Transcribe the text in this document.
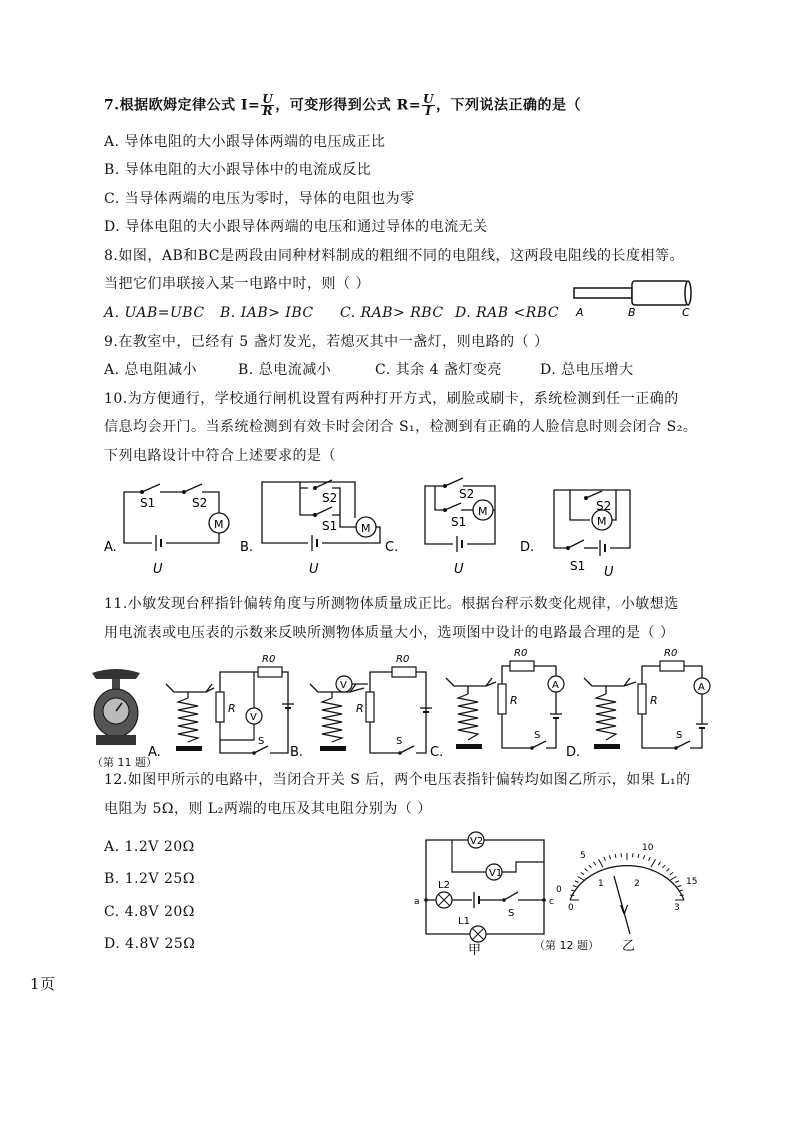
7.根据欧姆定律公式 $I= \frac{U}{R}$ ，可变形得到公式 $R= \frac{U}{I}$ ，下列说法正确的是（
A. 导体电阻的大小跟导体两端的电压成正比
B. 导体电阻的大小跟导体中的电流成反比
C. 当导体两端的电压为零时，导体的电阻也为零
D. 导体电阻的大小跟导体两端的电压和通过导体的电流无关
8.如图，AB和BC是两段由同种材料制成的粗细不同的电阻线，这两段电阻线的长度相等。
当把它们串联接入某一电路中时，则（ ）
A. UAB=UBC B. IAB> IBC C. RAB> RBC D. RAB <RBC A	B	C
9.在教室中，已经有 5 盏灯发光，若熄灭其中一盏灯，则电路的（ ）
A. 总电阻减小	B. 总电流减小	C. 其余 4 盏灯变亮	D. 总电压增大
10.为方便通行，学校通行闸机设置有两种打开方式，刷脸或刷卡，系统检测到任一正确的
信息均会开门。当系统检测到有效卡时会闭合 S₁，检测到有正确的人脸信息时则会闭合 S₂。
下列电路设计中符合上述要求的是（
A.
M
S1	S2
U
B.
M
S2
S1
U
C.
M
S2
S1
U
D.
M
S2
S1 U
11.小敏发现台秤指针偏转角度与所测物体质量成正比。根据台秤示数变化规律，小敏想选
用电流表或电压表的示数来反映所测物体质量大小，选项图中设计的电路最合理的是（ ）
（第 11 题）
A.
R
R0
V
S
B.
V
R
R0
S
C.
R
R0
A
S
D.
R
R0
A
S
12.如图甲所示的电路中，当闭合开关 S 后，两个电压表指针偏转均如图乙所示，如果 L₁的
电阻为 5Ω，则 L₂两端的电压及其电阻分别为（ ）
A. 1.2V 20Ω
B. 1.2V 25Ω
C. 4.8V 20Ω
D. 4.8V 25Ω
V2
V1
L2
S
L1
a	c
甲	（第 12 题）
0
5
10
15
0
1	2
3
V
乙
1页
